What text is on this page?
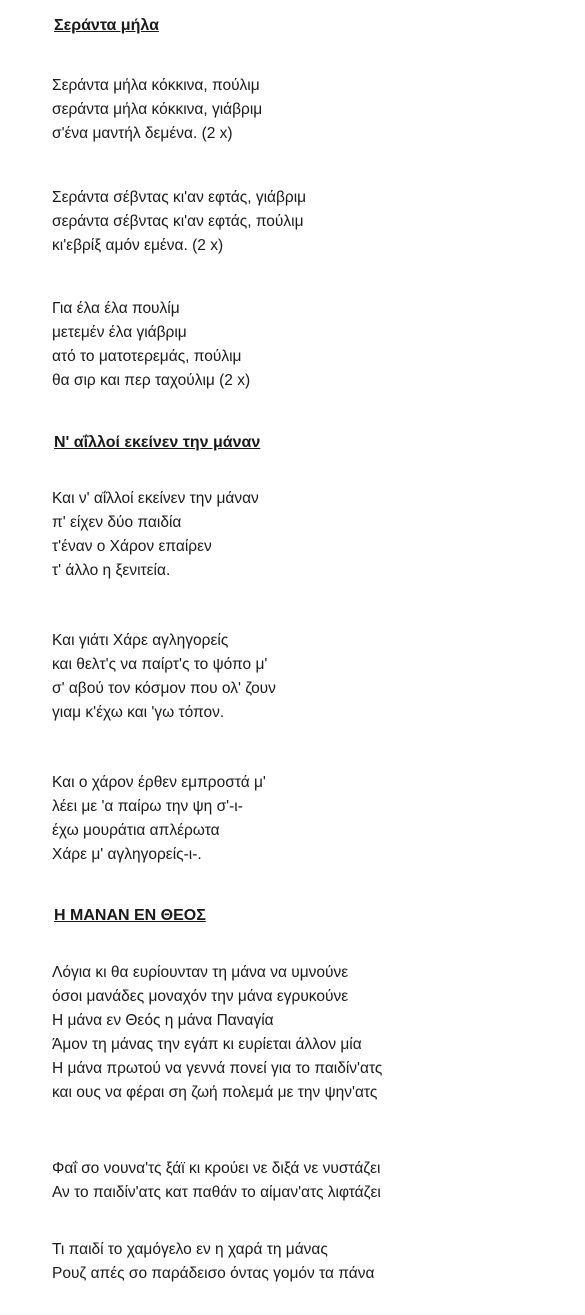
Σεράντα μήλα
Σεράντα μήλα κόκκινα, πούλιμ
σεράντα μήλα κόκκινα, γιάβριμ
σ'ένα μαντήλ δεμένα. (2 x)
Σεράντα σέβντας κι'αν εφτάς, γιάβριμ
σεράντα σέβντας κι'αν εφτάς, πούλιμ
κι'εβρίξ αμόν εμένα. (2 x)
Για έλα έλα πουλίμ
μετεμέν έλα γιάβριμ
ατό το ματοτερεμάς, πούλιμ
θα σιρ και περ ταχούλιμ (2 x)
Ν' αΐλλοί εκείνεν την μάναν
Και ν' αΐλλοί εκείνεν την μάναν
π' είχεν δύο παιδία
τ'έναν ο Χάρον επαίρεν
τ' άλλο η ξενιτεία.
Και γιάτι Χάρε αγληγορείς
και θελτ'ς να παίρτ'ς το ψόπο μ'
σ' αβού τον κόσμον που ολ' ζουν
γιαμ κ'έχω και 'γω τόπον.
Και ο χάρον έρθεν εμπροστά μ'
λέει με 'α παίρω την ψη σ'-ι-
έχω μουράτια απλέρωτα
Χάρε μ' αγληγορείς-ι-.
Η ΜΑΝΑΝ ΕΝ ΘΕΟΣ
Λόγια κι θα ευρίουνταν τη μάνα να υμνούνε
όσοι μανάδες μοναχόν την μάνα εγρυκούνε
Η μάνα εν Θεός η μάνα Παναγία
Άμον τη μάνας την εγάπ κι ευρίεται άλλον μία
Η μάνα πρωτού να γεννά πονεί για το παιδίν'ατς
και ους να φέραι ση ζωή πολεμά με την ψην'ατς
Φαΐ σο νουνα'τς ξάϊ κι κρούει νε διξά νε νυστάζει
Αν το παιδίν'ατς κατ παθάν το αίμαν'ατς λιφτάζει
Τι παιδί το χαμόγελο εν η χαρά τη μάνας
Ρουζ απές σο παράδεισο όντας γομόν τα πάνα
